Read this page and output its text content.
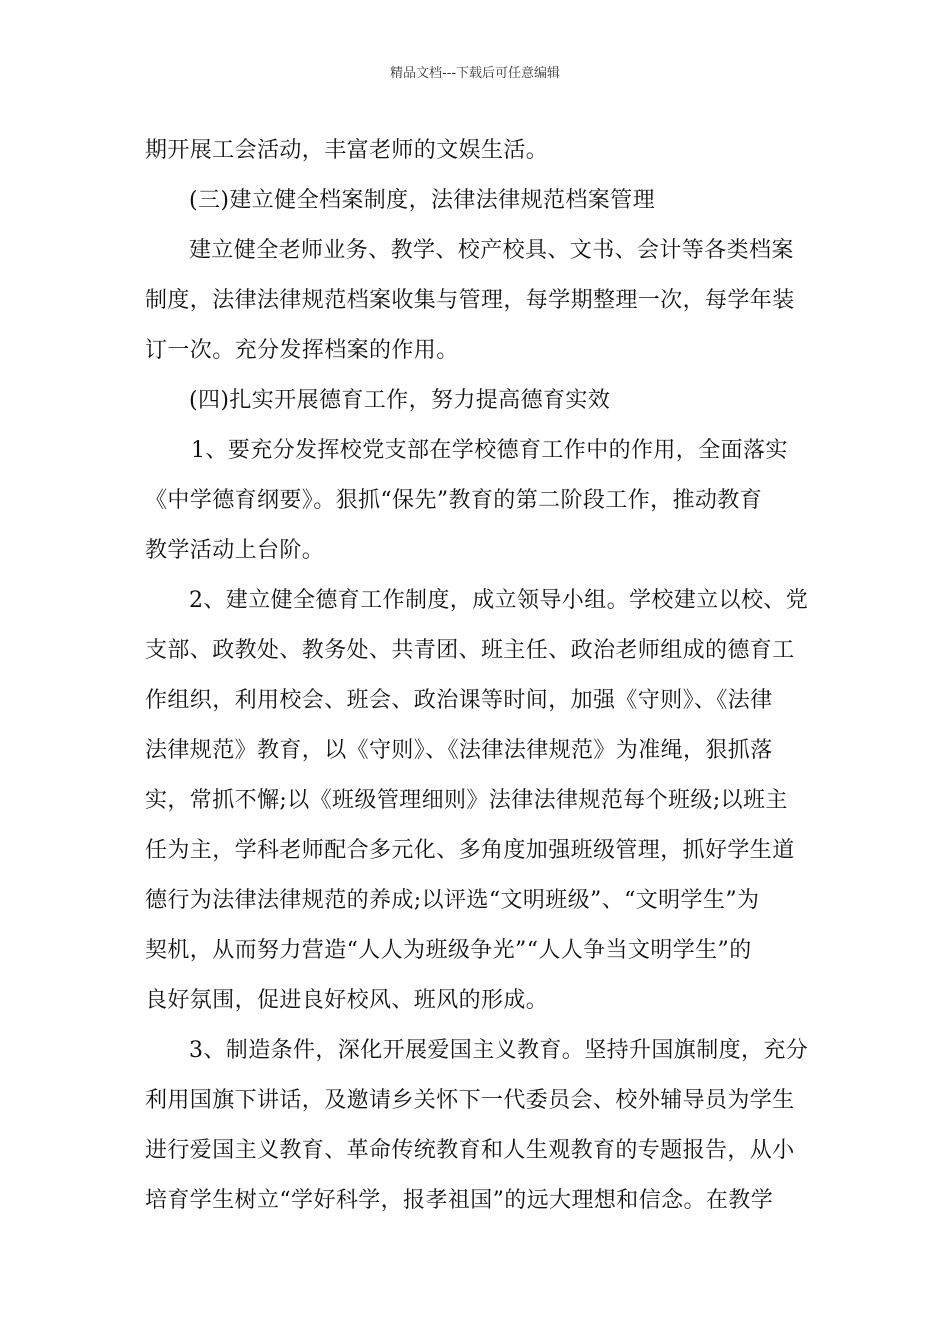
精品文档---下载后可任意编辑
期开展工会活动，丰富老师的文娱生活。
(三)建立健全档案制度，法律法律规范档案管理
建立健全老师业务、教学、校产校具、文书、会计等各类档案
制度，法律法律规范档案收集与管理，每学期整理一次，每学年装
订一次。充分发挥档案的作用。
(四)扎实开展德育工作，努力提高德育实效
1、要充分发挥校党支部在学校德育工作中的作用，全面落实
《中学德育纲要》。狠抓“保先”教育的第二阶段工作，推动教育
教学活动上台阶。
2、建立健全德育工作制度，成立领导小组。学校建立以校、党
支部、政教处、教务处、共青团、班主任、政治老师组成的德育工
作组织，利用校会、班会、政治课等时间，加强《守则》、《法律
法律规范》教育，以《守则》、《法律法律规范》为准绳，狠抓落
实，常抓不懈;以《班级管理细则》法律法律规范每个班级;以班主
任为主，学科老师配合多元化、多角度加强班级管理，抓好学生道
德行为法律法律规范的养成;以评选“文明班级”、“文明学生”为
契机，从而努力营造“人人为班级争光”“人人争当文明学生”的
良好氛围，促进良好校风、班风的形成。
3、制造条件，深化开展爱国主义教育。坚持升国旗制度，充分
利用国旗下讲话，及邀请乡关怀下一代委员会、校外辅导员为学生
进行爱国主义教育、革命传统教育和人生观教育的专题报告，从小
培育学生树立“学好科学，报孝祖国”的远大理想和信念。在教学
